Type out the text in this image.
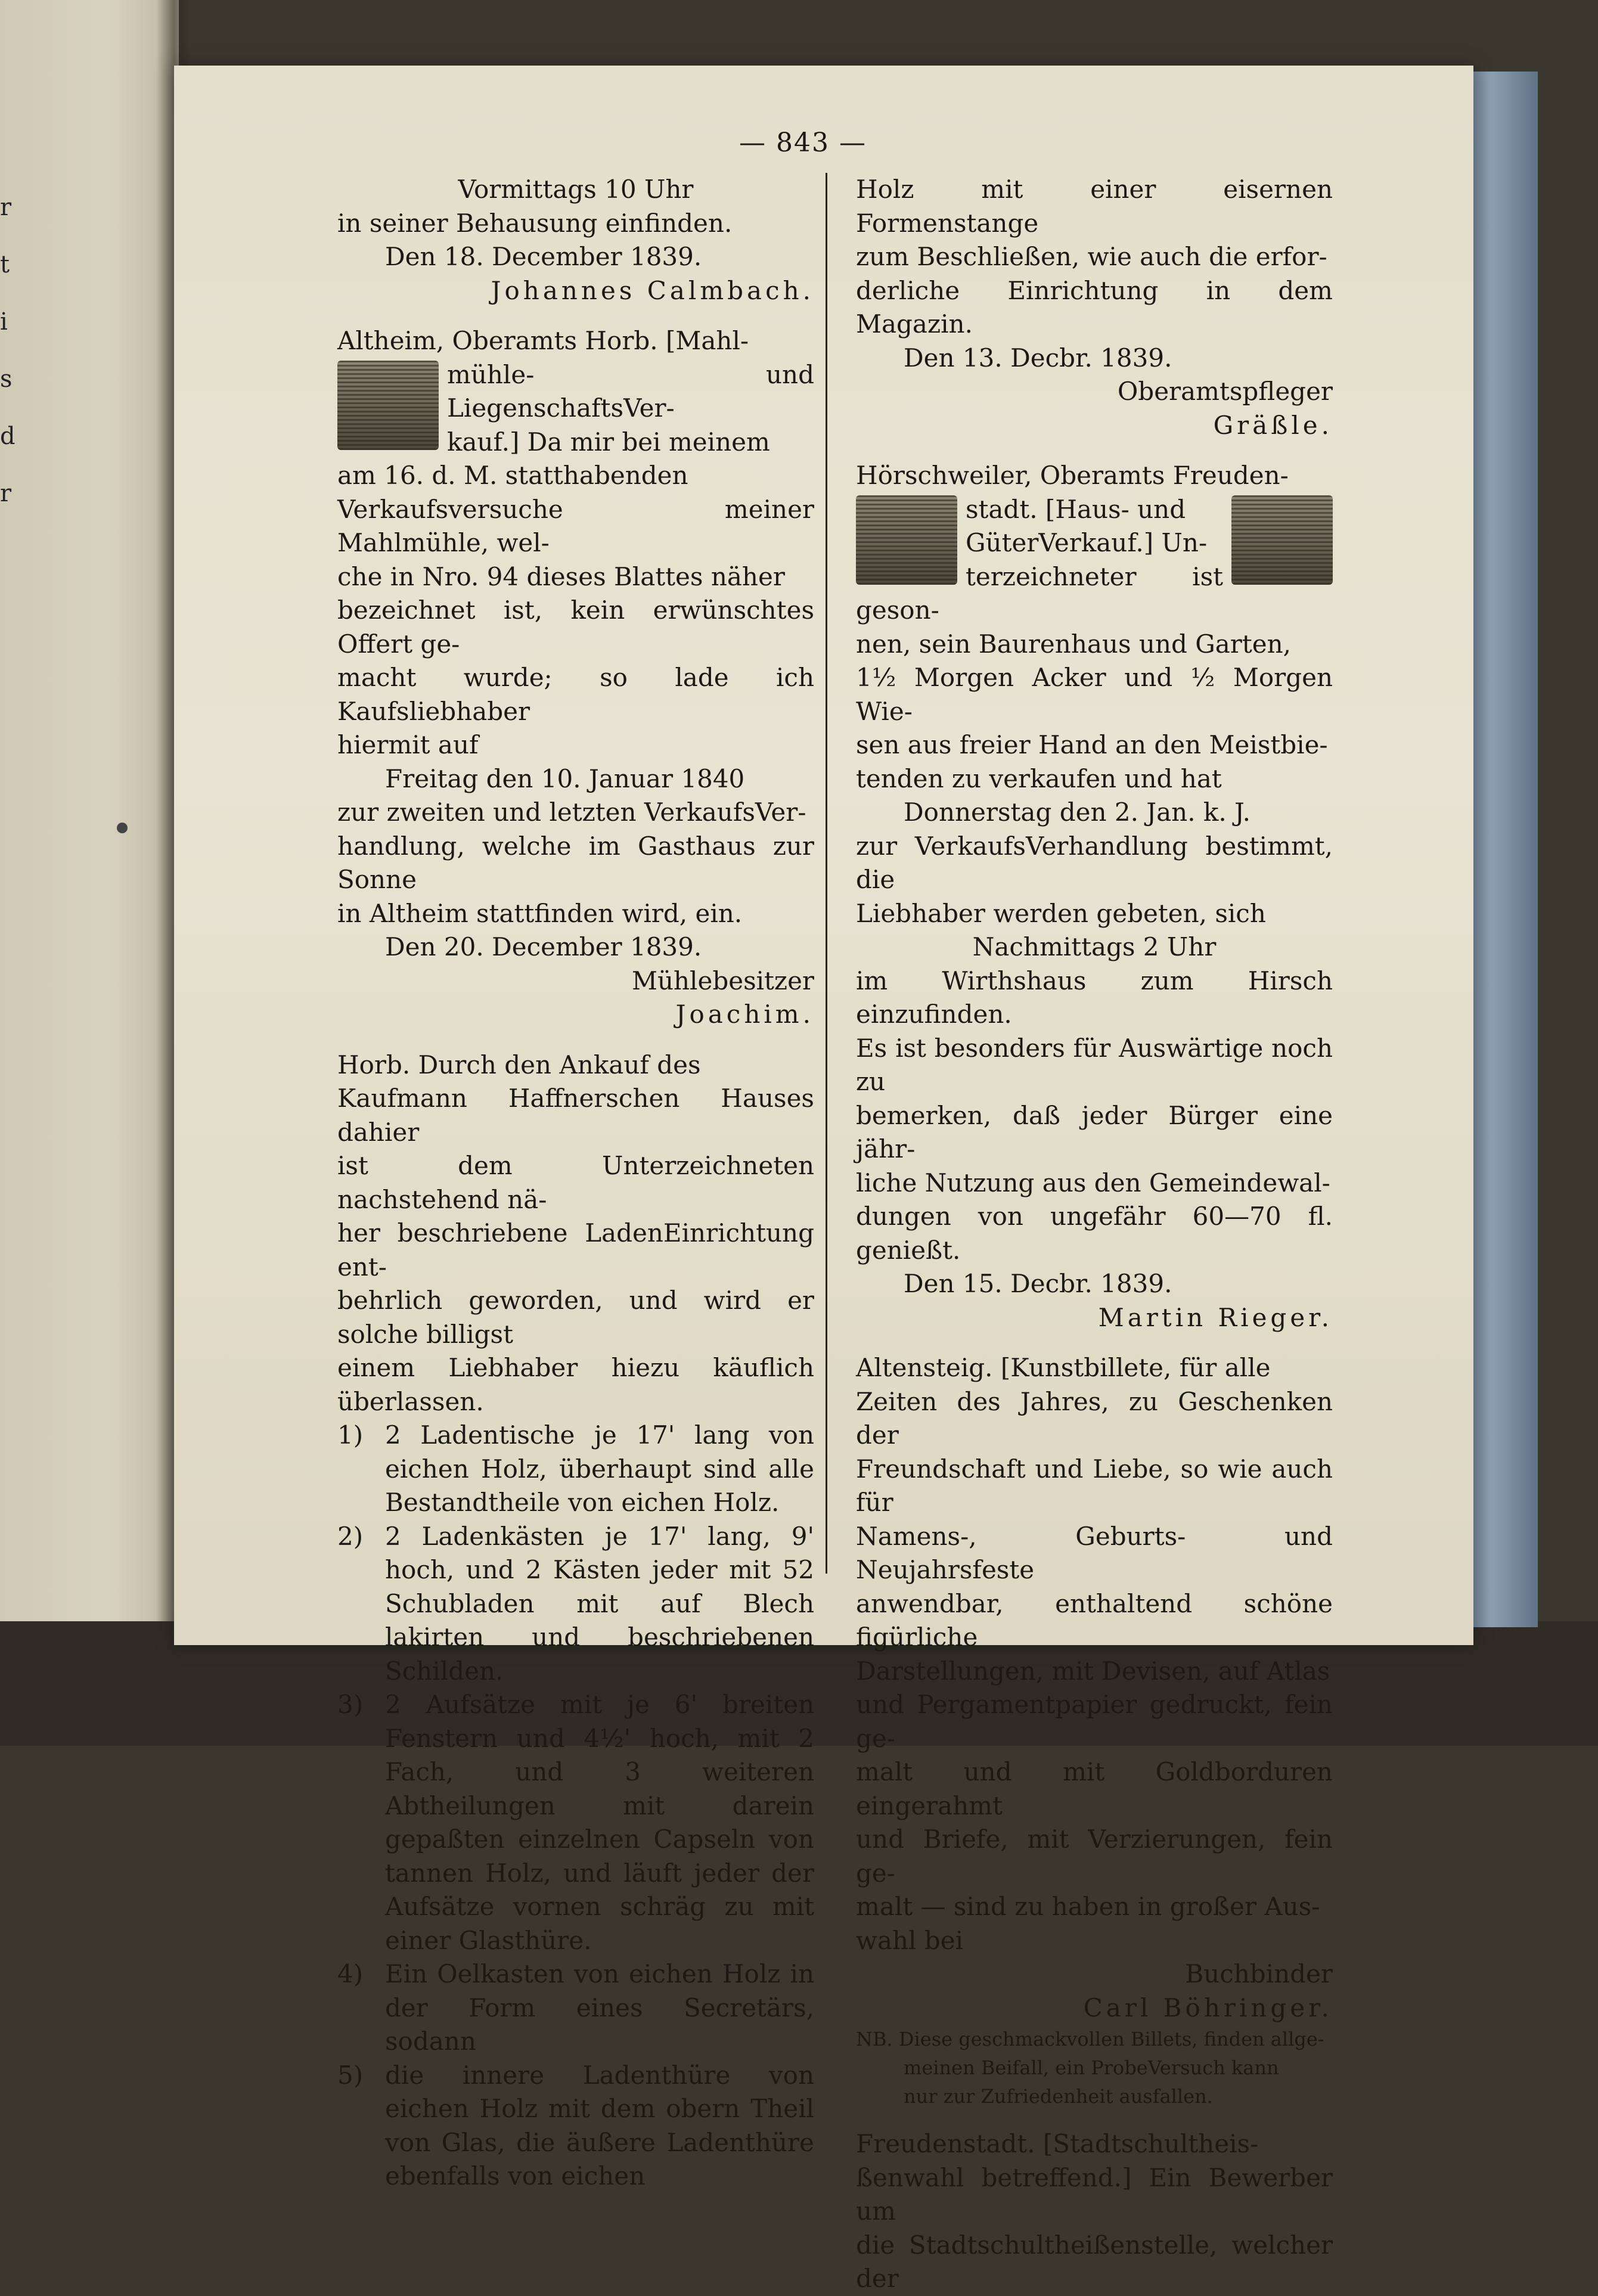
— 843 —

Vormittags 10 Uhr

in seiner Behausung einfinden.

Den 18. December 1839.

Johannes Calmbach.

Altheim, Oberamts Horb. [Mahl-

mühle- und LiegenschaftsVer-

kauf.] Da mir bei meinem

am 16. d. M. statthabenden

Verkaufsversuche meiner Mahlmühle, wel-

che in Nro. 94 dieses Blattes näher

bezeichnet ist, kein erwünschtes Offert ge-

macht wurde; so lade ich Kaufsliebhaber

hiermit auf

Freitag den 10. Januar 1840

zur zweiten und letzten VerkaufsVer-

handlung, welche im Gasthaus zur Sonne

in Altheim stattfinden wird, ein.

Den 20. December 1839.

Mühlebesitzer

Joachim.

Horb. Durch den Ankauf des

Kaufmann Haffnerschen Hauses dahier

ist dem Unterzeichneten nachstehend nä-

her beschriebene LadenEinrichtung ent-

behrlich geworden, und wird er solche billigst

einem Liebhaber hiezu käuflich überlassen.

1) 2 Ladentische je 17' lang von eichen Holz, überhaupt sind alle Bestandtheile von eichen Holz.
2) 2 Ladenkästen je 17' lang, 9' hoch, und 2 Kästen jeder mit 52 Schubladen mit auf Blech lakirten und beschriebenen Schilden.
3) 2 Aufsätze mit je 6' breiten Fenstern und 4½' hoch, mit 2 Fach, und 3 weiteren Abtheilungen mit darein gepaßten einzelnen Capseln von tannen Holz, und läuft jeder der Aufsätze vornen schräg zu mit einer Glasthüre.
4) Ein Oelkasten von eichen Holz in der Form eines Secretärs, sodann
5) die innere Ladenthüre von eichen Holz mit dem obern Theil von Glas, die äußere Ladenthüre ebenfalls von eichen

Holz mit einer eisernen Formenstange

zum Beschließen, wie auch die erfor-

derliche Einrichtung in dem Magazin.

Den 13. Decbr. 1839.

Oberamtspfleger

Gräßle.

Hörschweiler, Oberamts Freuden-

stadt. [Haus- und

GüterVerkauf.] Un-

terzeichneter ist geson-

nen, sein Baurenhaus und Garten,

1½ Morgen Acker und ½ Morgen Wie-

sen aus freier Hand an den Meistbie-

tenden zu verkaufen und hat

Donnerstag den 2. Jan. k. J.

zur VerkaufsVerhandlung bestimmt, die

Liebhaber werden gebeten, sich

Nachmittags 2 Uhr

im Wirthshaus zum Hirsch einzufinden.

Es ist besonders für Auswärtige noch zu

bemerken, daß jeder Bürger eine jähr-

liche Nutzung aus den Gemeindewal-

dungen von ungefähr 60—70 fl. genießt.

Den 15. Decbr. 1839.

Martin Rieger.

Altensteig. [Kunstbillete, für alle

Zeiten des Jahres, zu Geschenken der

Freundschaft und Liebe, so wie auch für

Namens-, Geburts- und Neujahrsfeste

anwendbar, enthaltend schöne figürliche

Darstellungen, mit Devisen, auf Atlas

und Pergamentpapier gedruckt, fein ge-

malt und mit Goldborduren eingerahmt

und Briefe, mit Verzierungen, fein ge-

malt — sind zu haben in großer Aus-

wahl bei

Buchbinder

Carl Böhringer.

NB. Diese geschmackvollen Billets, finden allge-

meinen Beifall, ein ProbeVersuch kann

nur zur Zufriedenheit ausfallen.

Freudenstadt. [Stadtschultheis-

ßenwahl betreffend.] Ein Bewerber um

die Stadtschultheißenstelle, welcher der

r
t
i
s
d
r
